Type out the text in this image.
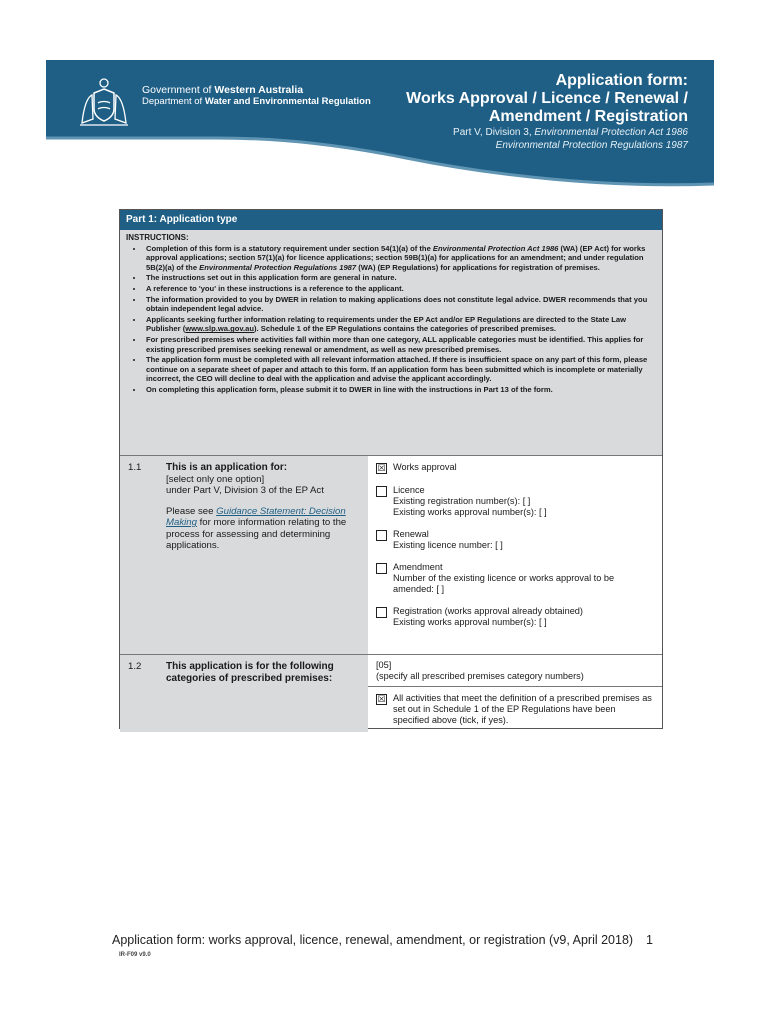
Government of Western Australia
Department of Water and Environmental Regulation
Application form:
Works Approval / Licence / Renewal /
Amendment / Registration
Part V, Division 3, Environmental Protection Act 1986
Environmental Protection Regulations 1987
Part 1: Application type
INSTRUCTIONS:
• Completion of this form is a statutory requirement under section 54(1)(a) of the Environmental Protection Act 1986 (WA) (EP Act) for works approval applications; section 57(1)(a) for licence applications; section 59B(1)(a) for applications for an amendment; and under regulation 5B(2)(a) of the Environmental Protection Regulations 1987 (WA) (EP Regulations) for applications for registration of premises.
• The instructions set out in this application form are general in nature.
• A reference to 'you' in these instructions is a reference to the applicant.
• The information provided to you by DWER in relation to making applications does not constitute legal advice. DWER recommends that you obtain independent legal advice.
• Applicants seeking further information relating to requirements under the EP Act and/or EP Regulations are directed to the State Law Publisher (www.slp.wa.gov.au). Schedule 1 of the EP Regulations contains the categories of prescribed premises.
• For prescribed premises where activities fall within more than one category, ALL applicable categories must be identified. This applies for existing prescribed premises seeking renewal or amendment, as well as new prescribed premises.
• The application form must be completed with all relevant information attached. If there is insufficient space on any part of this form, please continue on a separate sheet of paper and attach to this form. If an application form has been submitted which is incomplete or materially incorrect, the CEO will decline to deal with the application and advise the applicant accordingly.
• On completing this application form, please submit it to DWER in line with the instructions in Part 13 of the form.
1.1	This is an application for:
[select only one option]
under Part V, Division 3 of the EP Act
Please see Guidance Statement: Decision Making for more information relating to the process for assessing and determining applications.
☒ Works approval
Licence
Existing registration number(s): [ ]
Existing works approval number(s): [ ]
Renewal
Existing licence number: [ ]
Amendment
Number of the existing licence or works approval to be amended: [ ]
Registration (works approval already obtained)
Existing works approval number(s): [ ]
1.2	This application is for the following categories of prescribed premises:
[05]
(specify all prescribed premises category numbers)
☒ All activities that meet the definition of a prescribed premises as set out in Schedule 1 of the EP Regulations have been specified above (tick, if yes).
Application form: works approval, licence, renewal, amendment, or registration (v9, April 2018) 1
IR-F09 v9.0
